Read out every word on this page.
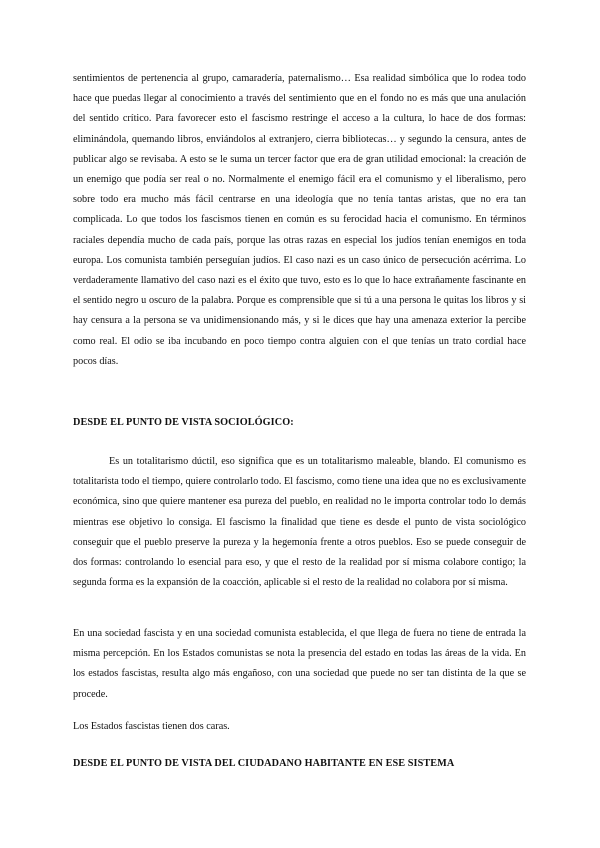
sentimientos de pertenencia al grupo, camaradería, paternalismo… Esa realidad simbólica que lo rodea todo hace que puedas llegar al conocimiento a través del sentimiento que en el fondo no es más que una anulación del sentido crítico. Para favorecer esto el fascismo restringe el acceso a la cultura, lo hace de dos formas: eliminándola, quemando libros, enviándolos al extranjero, cierra bibliotecas… y segundo la censura, antes de publicar algo se revisaba. A esto se le suma un tercer factor que era de gran utilidad emocional: la creación de un enemigo que podía ser real o no. Normalmente el enemigo fácil era el comunismo y el liberalismo, pero sobre todo era mucho más fácil centrarse en una ideología que no tenía tantas aristas, que no era tan complicada. Lo que todos los fascismos tienen en común es su ferocidad hacia el comunismo. En términos raciales dependía mucho de cada país, porque las otras razas en especial los judíos tenían enemigos en toda europa. Los comunista también perseguían judíos. El caso nazi es un caso único de persecución acérrima. Lo verdaderamente llamativo del caso nazi es el éxito que tuvo, esto es lo que lo hace extrañamente fascinante en el sentido negro u oscuro de la palabra. Porque es comprensible que si tú a una persona le quitas los libros y si hay censura a la persona se va unidimensionando más, y si le dices que hay una amenaza exterior la percibe como real. El odio se iba incubando en poco tiempo contra alguien con el que tenías un trato cordial hace pocos días.

DESDE EL PUNTO DE VISTA SOCIOLÓGICO:

Es un totalitarismo dúctil, eso significa que es un totalitarismo maleable, blando. El comunismo es totalitarista todo el tiempo, quiere controlarlo todo. El fascismo, como tiene una idea que no es exclusivamente económica, sino que quiere mantener esa pureza del pueblo, en realidad no le importa controlar todo lo demás mientras ese objetivo lo consiga. El fascismo la finalidad que tiene es desde el punto de vista sociológico conseguir que el pueblo preserve la pureza y la hegemonía frente a otros pueblos. Eso se puede conseguir de dos formas: controlando lo esencial para eso, y que el resto de la realidad por sí misma colabore contigo; la segunda forma es la expansión de la coacción, aplicable si el resto de la realidad no colabora por sí misma.

En una sociedad fascista y en una sociedad comunista establecida, el que llega de fuera no tiene de entrada la misma percepción. En los Estados comunistas se nota la presencia del estado en todas las áreas de la vida. En los estados fascistas, resulta algo más engañoso, con una sociedad que puede no ser tan distinta de la que se procede.

Los Estados fascistas tienen dos caras.

DESDE EL PUNTO DE VISTA DEL CIUDADANO HABITANTE EN ESE SISTEMA
